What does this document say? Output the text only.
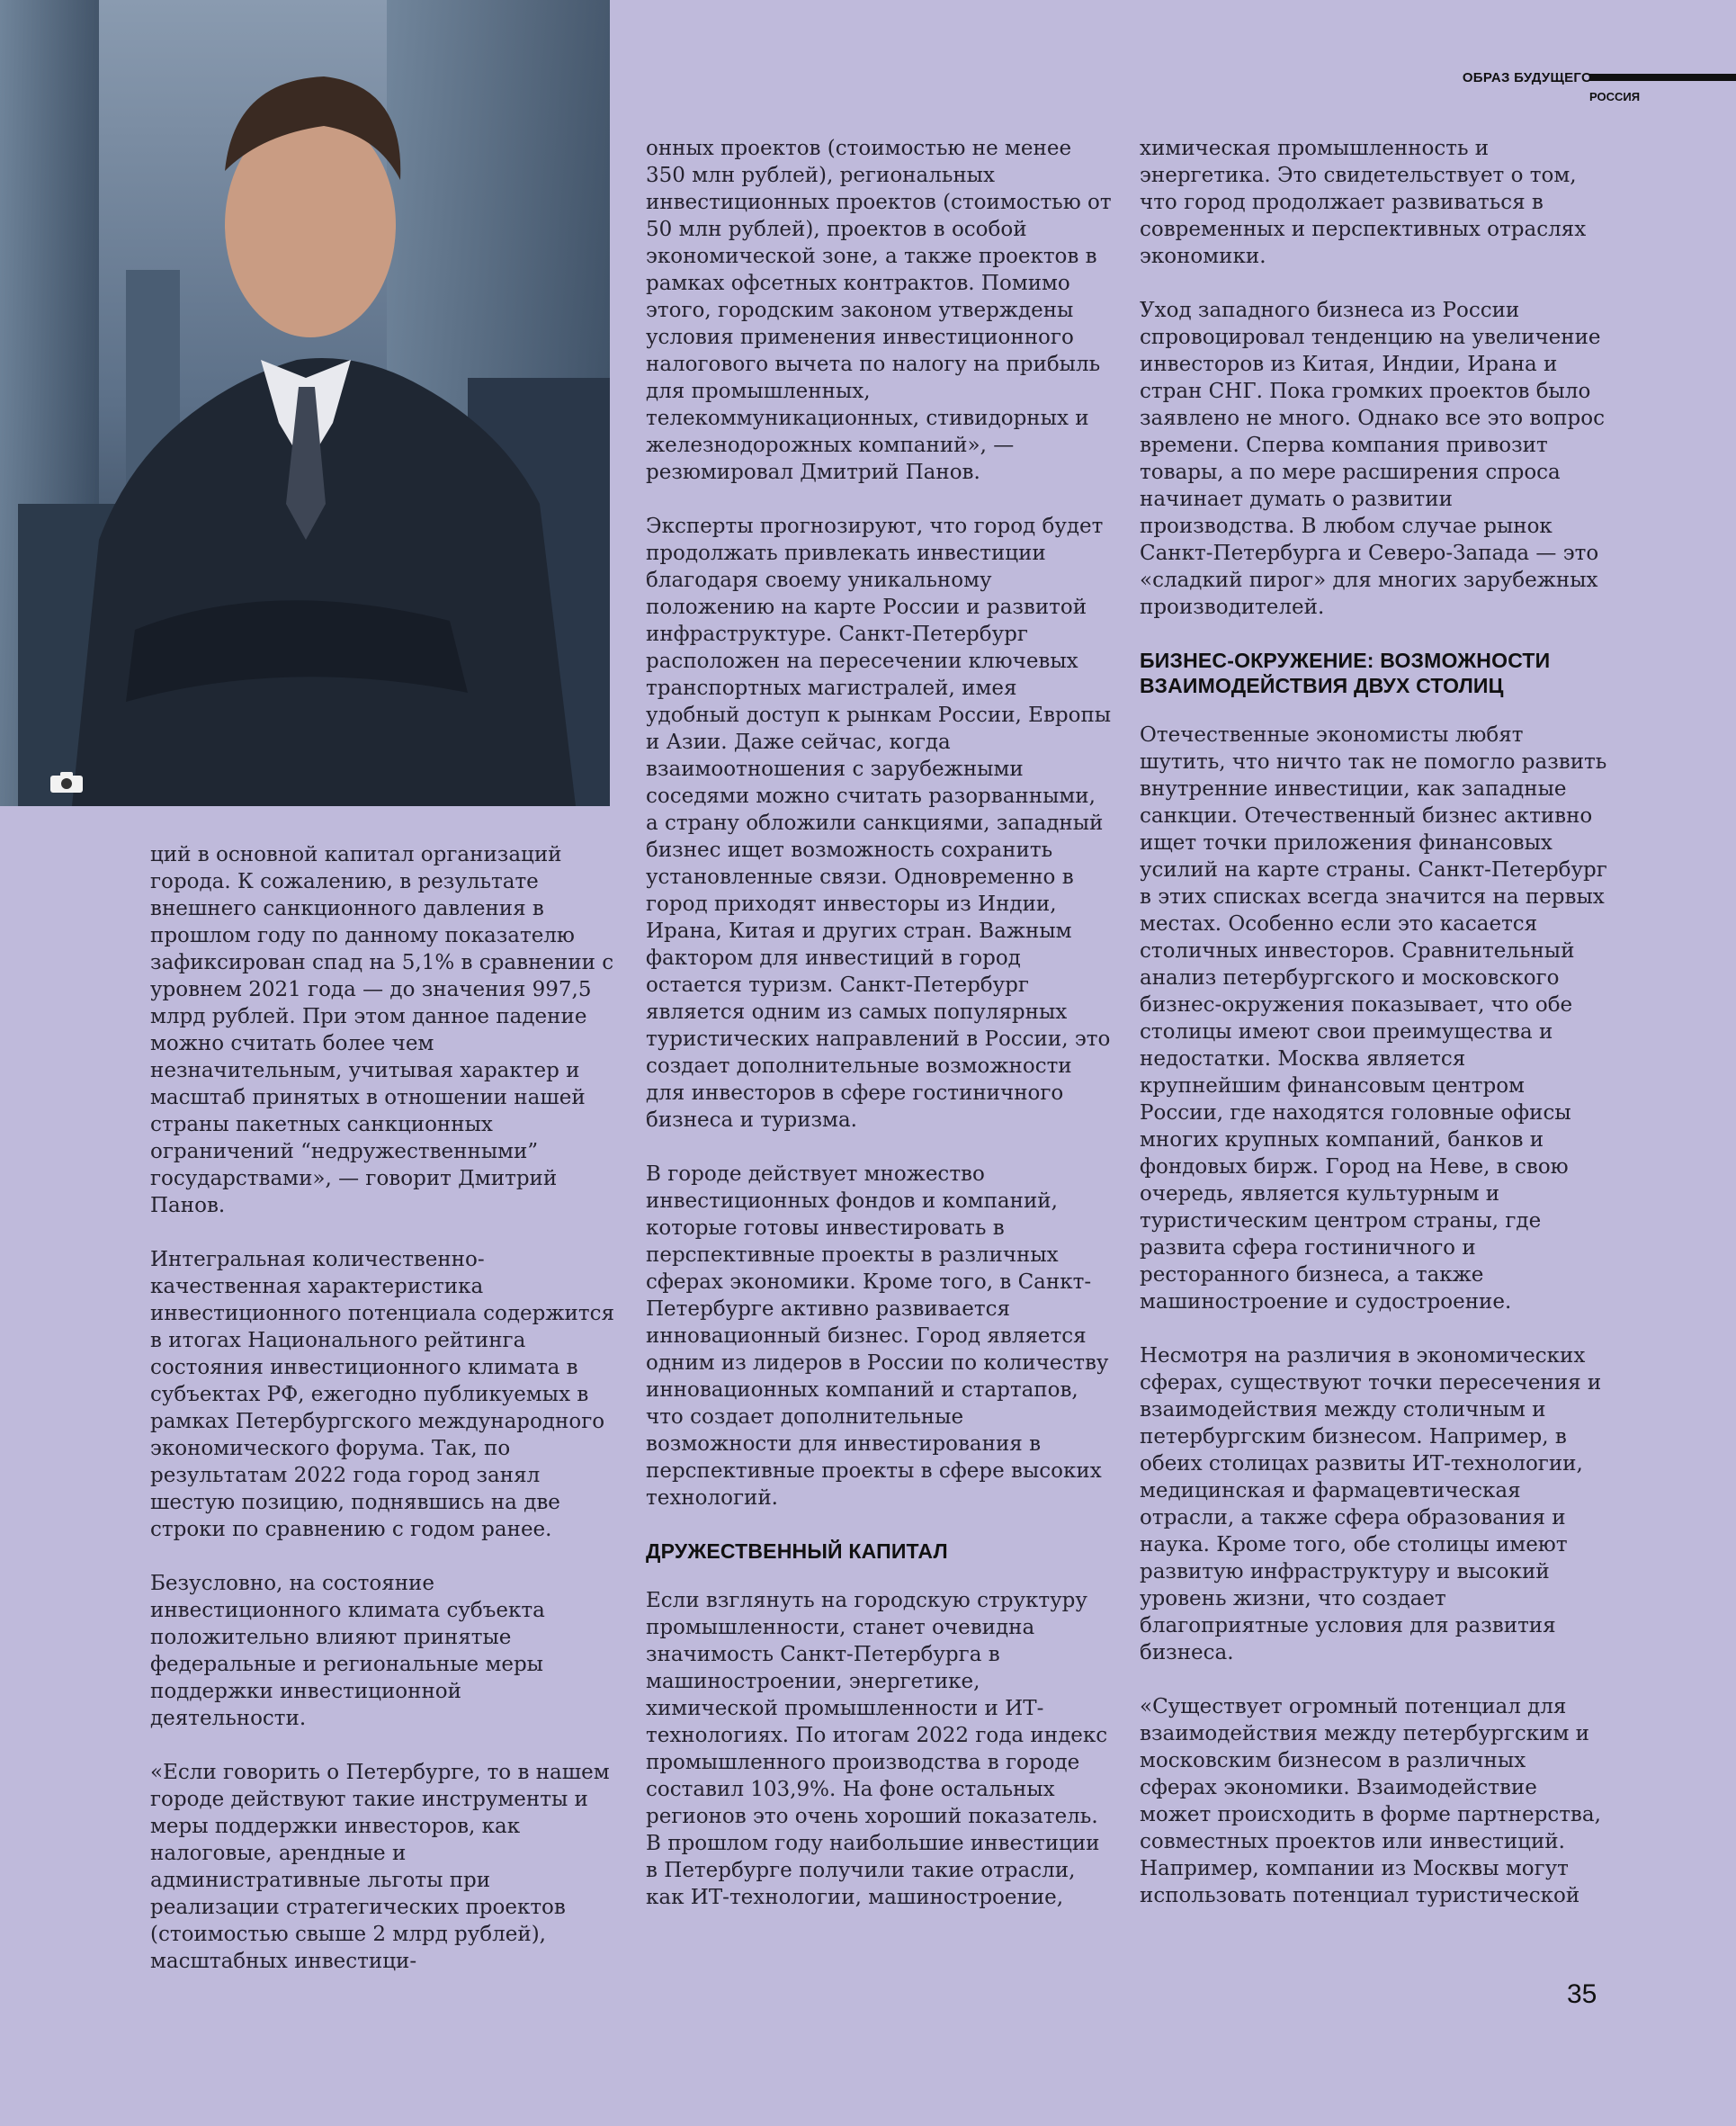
ОБРАЗ БУДУЩЕГО
РОССИЯ

ций в основной капитал организаций города. К сожалению, в результате внешнего санкционного давления в прошлом году по данному показателю зафиксирован спад на 5,1% в сравнении с уровнем 2021 года — до значения 997,5 млрд рублей. При этом данное падение можно считать более чем незначительным, учитывая характер и масштаб принятых в отношении нашей страны пакетных санкционных ограничений “недружественными” государствами», — говорит Дмитрий Панов.

Интегральная количественно-качественная характеристика инвестиционного потенциала содержится в итогах Национального рейтинга состояния инвестиционного климата в субъектах РФ, ежегодно публикуемых в рамках Петербургского международного экономического форума. Так, по результатам 2022 года город занял шестую позицию, поднявшись на две строки по сравнению с годом ранее.

Безусловно, на состояние инвестиционного климата субъекта положительно влияют принятые федеральные и региональные меры поддержки инвестиционной деятельности.

«Если говорить о Петербурге, то в нашем городе действуют такие инструменты и меры поддержки инвесторов, как налоговые, арендные и административные льготы при реализации стратегических проектов (стоимостью свыше 2 млрд рублей), масштабных инвестици-

онных проектов (стоимостью не менее 350 млн рублей), региональных инвестиционных проектов (стоимостью от 50 млн рублей), проектов в особой экономической зоне, а также проектов в рамках офсетных контрактов. Помимо этого, городским законом утверждены условия применения инвестиционного налогового вычета по налогу на прибыль для промышленных, телекоммуникационных, стивидорных и железнодорожных компаний», — резюмировал Дмитрий Панов.

Эксперты прогнозируют, что город будет продолжать привлекать инвестиции благодаря своему уникальному положению на карте России и развитой инфраструктуре. Санкт-Петербург расположен на пересечении ключевых транспортных магистралей, имея удобный доступ к рынкам России, Европы и Азии. Даже сейчас, когда взаимоотношения с зарубежными соседями можно считать разорванными, а страну обложили санкциями, западный бизнес ищет возможность сохранить установленные связи. Одновременно в город приходят инвесторы из Индии, Ирана, Китая и других стран. Важным фактором для инвестиций в город остается туризм. Санкт-Петербург является одним из самых популярных туристических направлений в России, это создает дополнительные возможности для инвесторов в сфере гостиничного бизнеса и туризма.

В городе действует множество инвестиционных фондов и компаний, которые готовы инвестировать в перспективные проекты в различных сферах экономики. Кроме того, в Санкт-Петербурге активно развивается инновационный бизнес. Город является одним из лидеров в России по количеству инновационных компаний и стартапов, что создает дополнительные возможности для инвестирования в перспективные проекты в сфере высоких технологий.

ДРУЖЕСТВЕННЫЙ КАПИТАЛ

Если взглянуть на городскую структуру промышленности, станет очевидна значимость Санкт-Петербурга в машиностроении, энергетике, химической промышленности и ИТ-технологиях. По итогам 2022 года индекс промышленного производства в городе составил 103,9%. На фоне остальных регионов это очень хороший показатель. В прошлом году наибольшие инвестиции в Петербурге получили такие отрасли, как ИТ-технологии, машиностроение,

химическая промышленность и энергетика. Это свидетельствует о том, что город продолжает развиваться в современных и перспективных отраслях экономики.

Уход западного бизнеса из России спровоцировал тенденцию на увеличение инвесторов из Китая, Индии, Ирана и стран СНГ. Пока громких проектов было заявлено не много. Однако все это вопрос времени. Сперва компания привозит товары, а по мере расширения спроса начинает думать о развитии производства. В любом случае рынок Санкт-Петербурга и Северо-Запада — это «сладкий пирог» для многих зарубежных производителей.

БИЗНЕС-ОКРУЖЕНИЕ: ВОЗМОЖНОСТИ ВЗАИМОДЕЙСТВИЯ ДВУХ СТОЛИЦ

Отечественные экономисты любят шутить, что ничто так не помогло развить внутренние инвестиции, как западные санкции. Отечественный бизнес активно ищет точки приложения финансовых усилий на карте страны. Санкт-Петербург в этих списках всегда значится на первых местах. Особенно если это касается столичных инвесторов. Сравнительный анализ петербургского и московского бизнес-окружения показывает, что обе столицы имеют свои преимущества и недостатки. Москва является крупнейшим финансовым центром России, где находятся головные офисы многих крупных компаний, банков и фондовых бирж. Город на Неве, в свою очередь, является культурным и туристическим центром страны, где развита сфера гостиничного и ресторанного бизнеса, а также машиностроение и судостроение.

Несмотря на различия в экономических сферах, существуют точки пересечения и взаимодействия между столичным и петербургским бизнесом. Например, в обеих столицах развиты ИТ-технологии, медицинская и фармацевтическая отрасли, а также сфера образования и наука. Кроме того, обе столицы имеют развитую инфраструктуру и высокий уровень жизни, что создает благоприятные условия для развития бизнеса.

«Существует огромный потенциал для взаимодействия между петербургским и московским бизнесом в различных сферах экономики. Взаимодействие может происходить в форме партнерства, совместных проектов или инвестиций. Например, компании из Москвы могут использовать потенциал туристической

35
